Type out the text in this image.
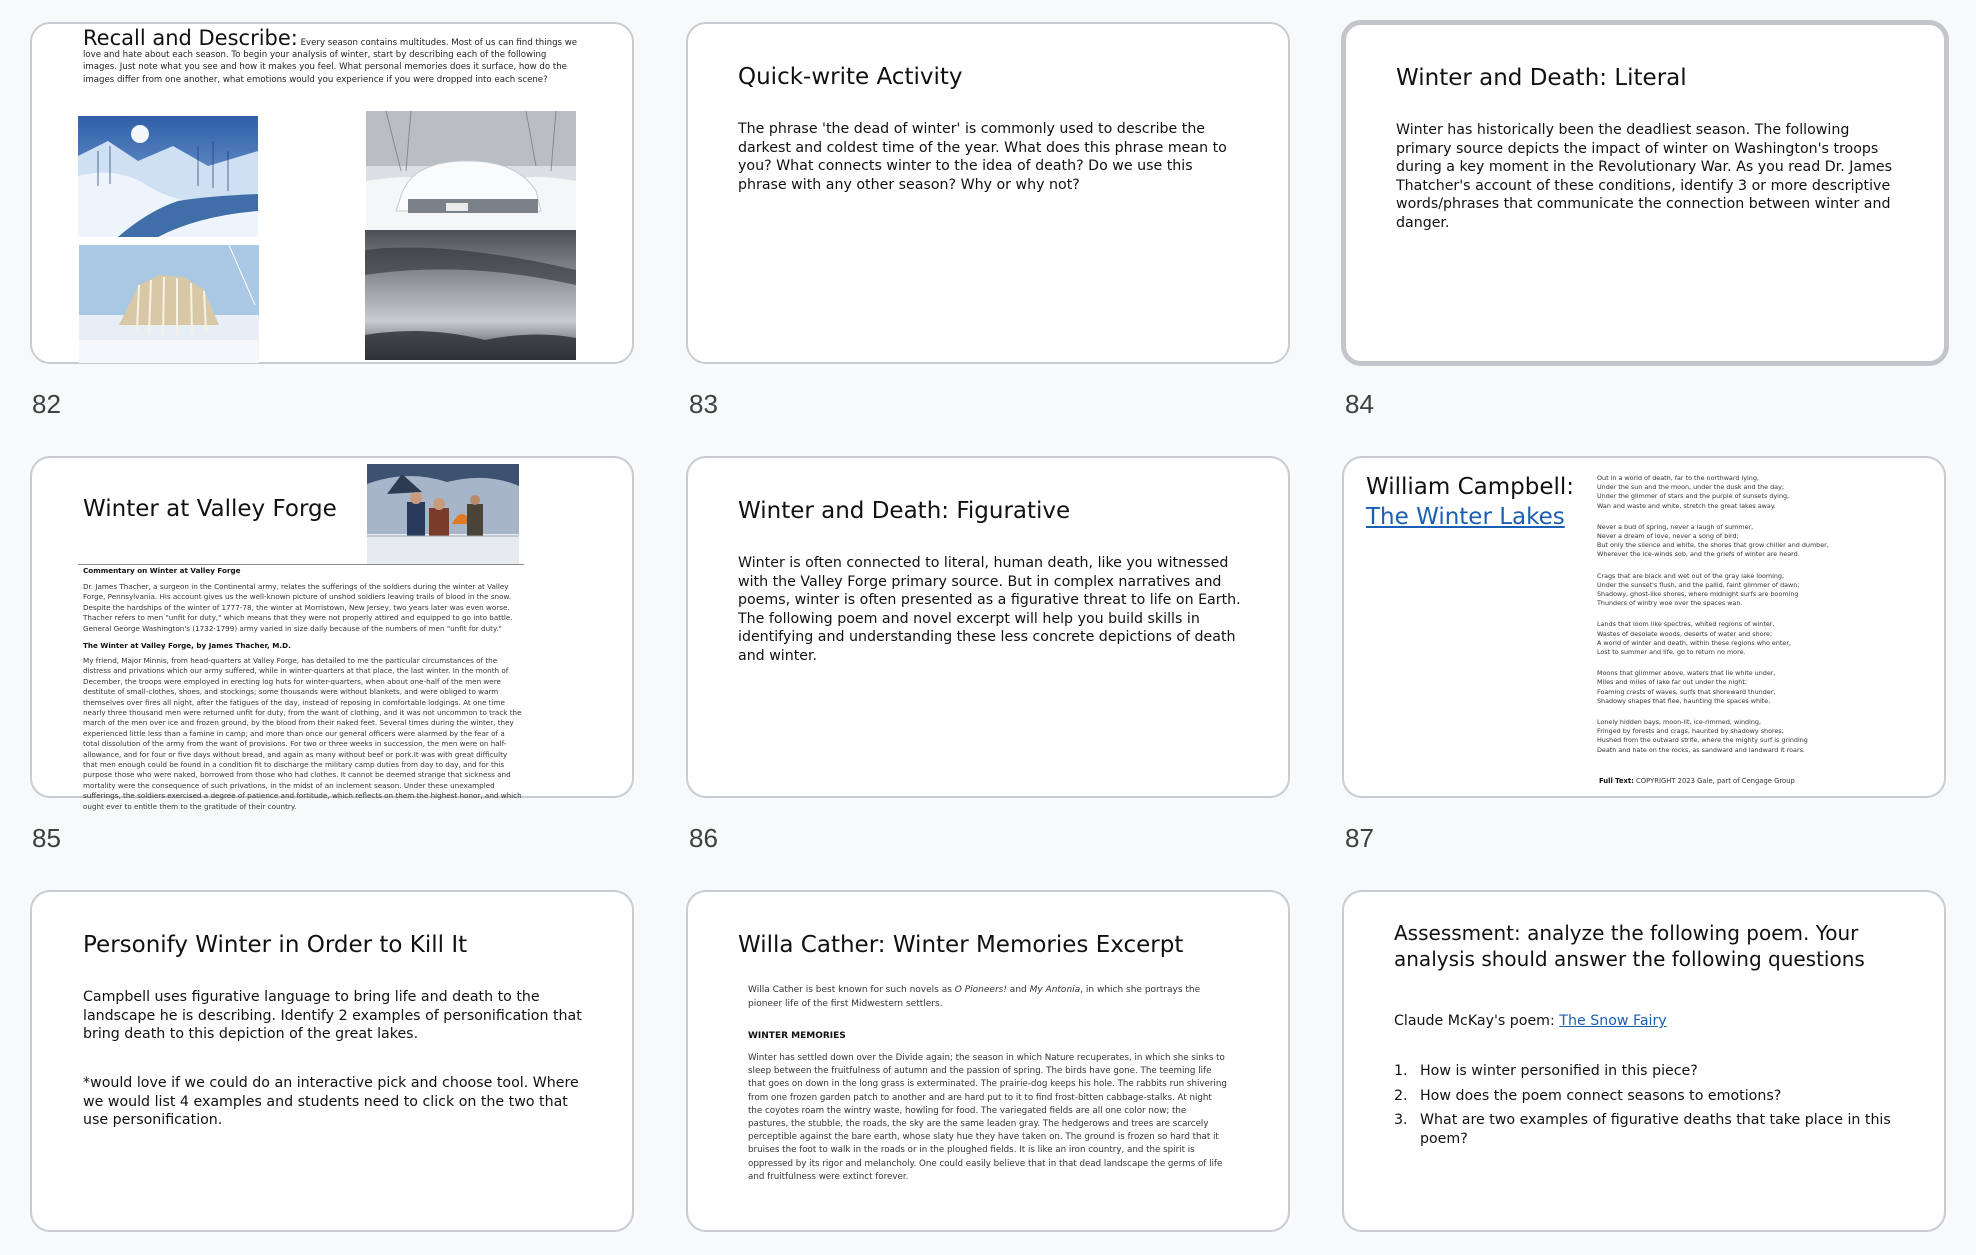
Recall and Describe: Every season contains multitudes. Most of us can find things we love and hate about each season. To begin your analysis of winter, start by describing each of the following images. Just note what you see and how it makes you feel. What personal memories does it surface, how do the images differ from one another, what emotions would you experience if you were dropped into each scene?
82
Quick-write Activity
The phrase 'the dead of winter' is commonly used to describe the darkest and coldest time of the year. What does this phrase mean to you? What connects winter to the idea of death? Do we use this phrase with any other season? Why or why not?
83
Winter and Death: Literal
Winter has historically been the deadliest season. The following primary source depicts the impact of winter on Washington's troops during a key moment in the Revolutionary War. As you read Dr. James Thatcher's account of these conditions, identify 3 or more descriptive words/phrases that communicate the connection between winter and danger.
84
Winter at Valley Forge
Commentary on Winter at Valley Forge
Dr. James Thacher, a surgeon in the Continental army, relates the sufferings of the soldiers during the winter at Valley Forge, Pennsylvania. His account gives us the well-known picture of unshod soldiers leaving trails of blood in the snow. Despite the hardships of the winter of 1777-78, the winter at Morristown, New Jersey, two years later was even worse. Thacher refers to men "unfit for duty," which means that they were not properly attired and equipped to go into battle. General George Washington's (1732-1799) army varied in size daily because of the numbers of men "unfit for duty."
The Winter at Valley Forge, by James Thacher, M.D.
My friend, Major Minnis, from head-quarters at Valley Forge, has detailed to me the particular circumstances of the distress and privations which our army suffered, while in winter-quarters at that place, the last winter. In the month of December, the troops were employed in erecting log huts for winter-quarters, when about one-half of the men were destitute of small-clothes, shoes, and stockings; some thousands were without blankets, and were obliged to warm themselves over fires all night, after the fatigues of the day, instead of reposing in comfortable lodgings. At one time nearly three thousand men were returned unfit for duty, from the want of clothing, and it was not uncommon to track the march of the men over ice and frozen ground, by the blood from their naked feet. Several times during the winter, they experienced little less than a famine in camp; and more than once our general officers were alarmed by the fear of a total dissolution of the army from the want of provisions. For two or three weeks in succession, the men were on half-allowance, and for four or five days without bread, and again as many without beef or pork.It was with great difficulty that men enough could be found in a condition fit to discharge the military camp duties from day to day, and for this purpose those who were naked, borrowed from those who had clothes. It cannot be deemed strange that sickness and mortality were the consequence of such privations, in the midst of an inclement season. Under these unexampled sufferings, the soldiers exercised a degree of patience and fortitude, which reflects on them the highest honor, and which ought ever to entitle them to the gratitude of their country.
85
Winter and Death: Figurative
Winter is often connected to literal, human death, like you witnessed with the Valley Forge primary source. But in complex narratives and poems, winter is often presented as a figurative threat to life on Earth. The following poem and novel excerpt will help you build skills in identifying and understanding these less concrete depictions of death and winter.
86
William Campbell:
The Winter Lakes
Out in a world of death, far to the northward lying,
Under the sun and the moon, under the dusk and the day;
Under the glimmer of stars and the purple of sunsets dying,
Wan and waste and white, stretch the great lakes away.
Never a bud of spring, never a laugh of summer,
Never a dream of love, never a song of bird;
But only the silence and white, the shores that grow chiller and dumber,
Wherever the ice-winds sob, and the griefs of winter are heard.
Crags that are black and wet out of the gray lake looming,
Under the sunset's flush, and the pallid, faint glimmer of dawn;
Shadowy, ghost-like shores, where midnight surfs are booming
Thunders of wintry woe over the spaces wan.
Lands that loom like spectres, whited regions of winter,
Wastes of desolate woods, deserts of water and shore;
A world of winter and death, within these regions who enter,
Lost to summer and life, go to return no more.
Moons that glimmer above, waters that lie white under,
Miles and miles of lake far out under the night;
Foaming crests of waves, surfs that shoreward thunder,
Shadowy shapes that flee, haunting the spaces white.
Lonely hidden bays, moon-lit, ice-rimmed, winding,
Fringed by forests and crags, haunted by shadowy shores;
Hushed from the outward strife, where the mighty surf is grinding
Death and hate on the rocks, as sandward and landward it roars.
Full Text: COPYRIGHT 2023 Gale, part of Cengage Group
87
Personify Winter in Order to Kill It
Campbell uses figurative language to bring life and death to the landscape he is describing. Identify 2 examples of personification that bring death to this depiction of the great lakes.
*would love if we could do an interactive pick and choose tool. Where we would list 4 examples and students need to click on the two that use personification.
Willa Cather: Winter Memories Excerpt
Willa Cather is best known for such novels as O Pioneers! and My Antonia, in which she portrays the pioneer life of the first Midwestern settlers.
WINTER MEMORIES
Winter has settled down over the Divide again; the season in which Nature recuperates, in which she sinks to sleep between the fruitfulness of autumn and the passion of spring. The birds have gone. The teeming life that goes on down in the long grass is exterminated. The prairie-dog keeps his hole. The rabbits run shivering from one frozen garden patch to another and are hard put to it to find frost-bitten cabbage-stalks. At night the coyotes roam the wintry waste, howling for food. The variegated fields are all one color now; the pastures, the stubble, the roads, the sky are the same leaden gray. The hedgerows and trees are scarcely perceptible against the bare earth, whose slaty hue they have taken on. The ground is frozen so hard that it bruises the foot to walk in the roads or in the ploughed fields. It is like an iron country, and the spirit is oppressed by its rigor and melancholy. One could easily believe that in that dead landscape the germs of life and fruitfulness were extinct forever.
Assessment: analyze the following poem. Your analysis should answer the following questions
Claude McKay's poem: The Snow Fairy
1. How is winter personified in this piece?
2. How does the poem connect seasons to emotions?
3. What are two examples of figurative deaths that take place in this poem?
